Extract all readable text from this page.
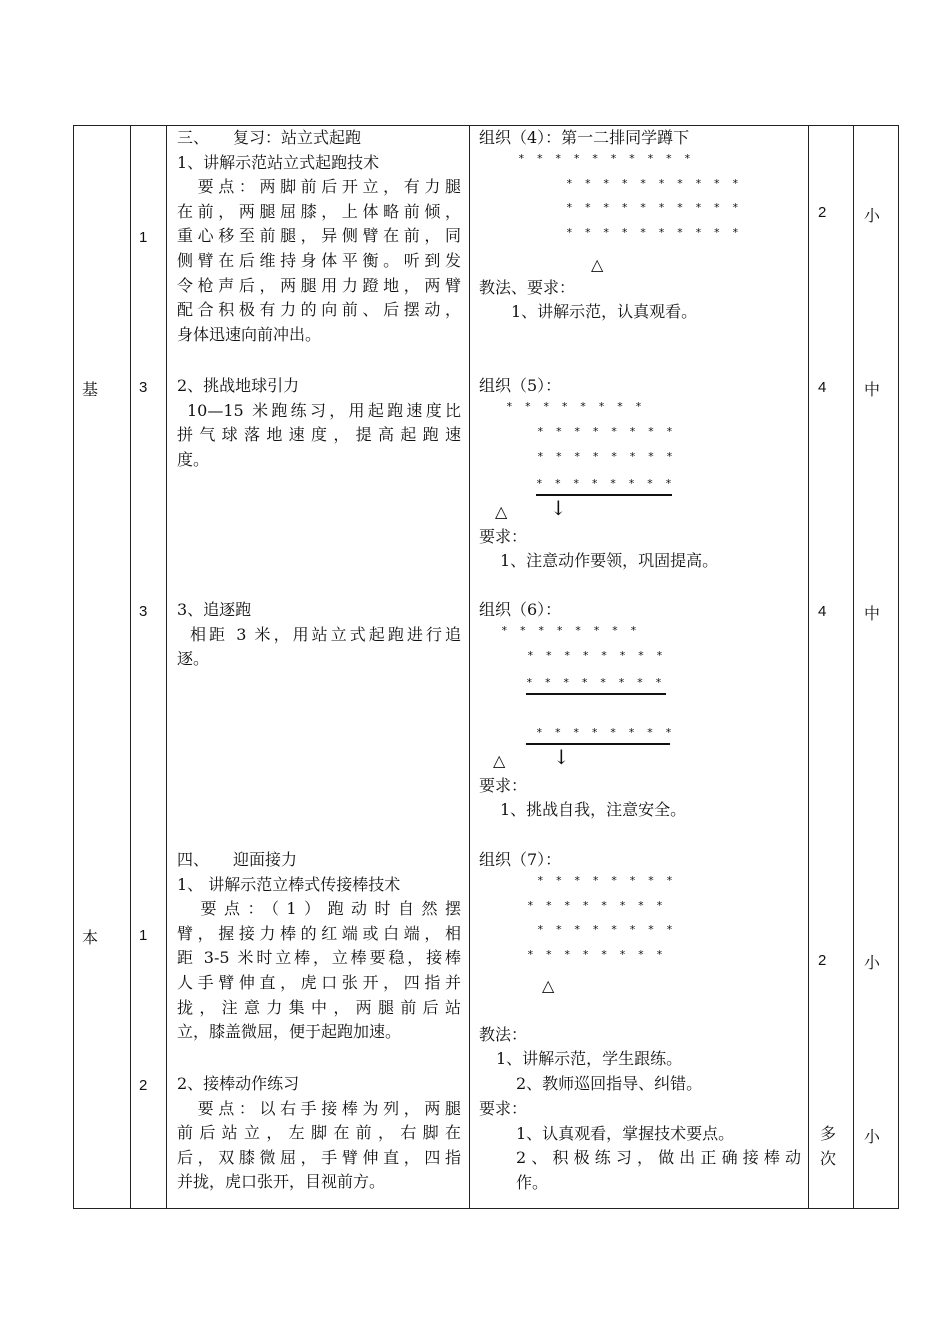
基
本
1
三、　　复习：站立式起跑
1、讲解示范站立式起跑技术
　要点：两脚前后开立，有力腿
在前，两腿屈膝，上体略前倾，
重心移至前腿，异侧臂在前，同
侧臂在后维持身体平衡。听到发
令枪声后，两腿用力蹬地，两臂
配合积极有力的向前、后摆动，
身体迅速向前冲出。
组织（4）：第一二排同学蹲下
* * * * * * * * * *
* * * * * * * * * *
* * * * * * * * * *
* * * * * * * * * *
△
教法、要求：
1、讲解示范，认真观看。
2 小
3 2、挑战地球引力
10—15 米跑练习，用起跑速度比
拼气球落地速度，提高起跑速
度。
组织（5）：
* * * * * * * *
* * * * * * * *
* * * * * * * *
* * * * * * * *
△ ↓
要求：
1、注意动作要领，巩固提高。
4 中
3 3、追逐跑
相距 3 米，用站立式起跑进行追
逐。
组织（6）：
* * * * * * * *
* * * * * * * *
* * * * * * * *
* * * * * * * *
△ ↓
要求：
1、挑战自我，注意安全。
4 中
1
四、　　迎面接力
1、 讲解示范立棒式传接棒技术
　要点：（1）跑动时自然摆
臂，握接力棒的红端或白端，相
距 3-5 米时立棒，立棒要稳，接棒
人手臂伸直，虎口张开，四指并
拢，注意力集中，两腿前后站
立，膝盖微屈，便于起跑加速。
组织（7）：
* * * * * * * *
* * * * * * * *
* * * * * * * *
* * * * * * * *
△
教法：
1、讲解示范，学生跟练。
2、教师巡回指导、纠错。
2 小
2 2、接棒动作练习
　要点：以右手接棒为列，两腿
前后站立，左脚在前，右脚在
后，双膝微屈，手臂伸直，四指
并拢，虎口张开，目视前方。
要求：
1、认真观看，掌握技术要点。
2、积极练习，做出正确接棒动
作。
多
次
小
